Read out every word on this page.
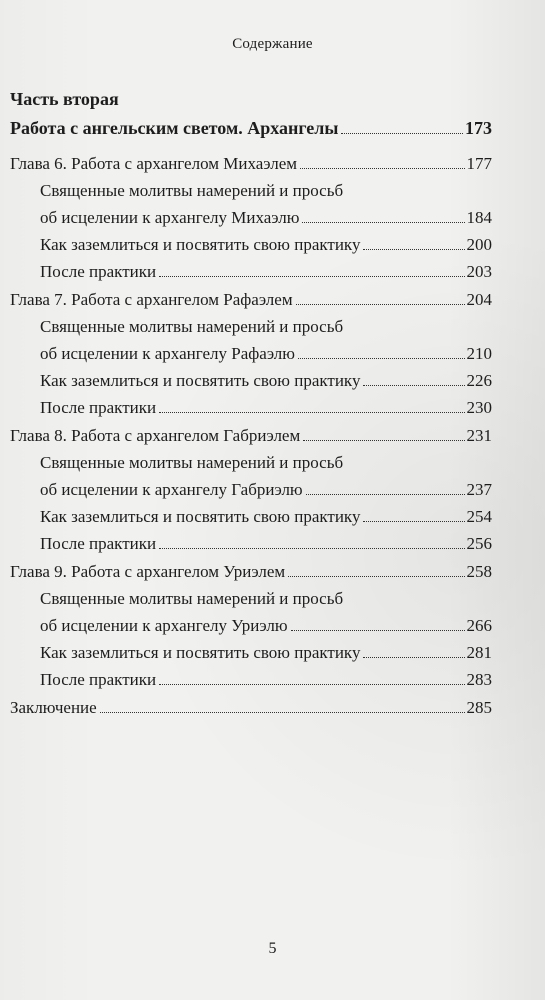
Содержание
Часть вторая
Работа с ангельским светом. Архангелы	173
Глава 6. Работа с архангелом Михаэлем	177
Священные молитвы намерений и просьб
об исцелении к архангелу Михаэлю	184
Как заземлиться и посвятить свою практику	200
После практики	203
Глава 7. Работа с архангелом Рафаэлем	204
Священные молитвы намерений и просьб
об исцелении к архангелу Рафаэлю	210
Как заземлиться и посвятить свою практику	226
После практики	230
Глава 8. Работа с архангелом Габриэлем	231
Священные молитвы намерений и просьб
об исцелении к архангелу Габриэлю	237
Как заземлиться и посвятить свою практику	254
После практики	256
Глава 9. Работа с архангелом Уриэлем	258
Священные молитвы намерений и просьб
об исцелении к архангелу Уриэлю	266
Как заземлиться и посвятить свою практику	281
После практики	283
Заключение	285
5
